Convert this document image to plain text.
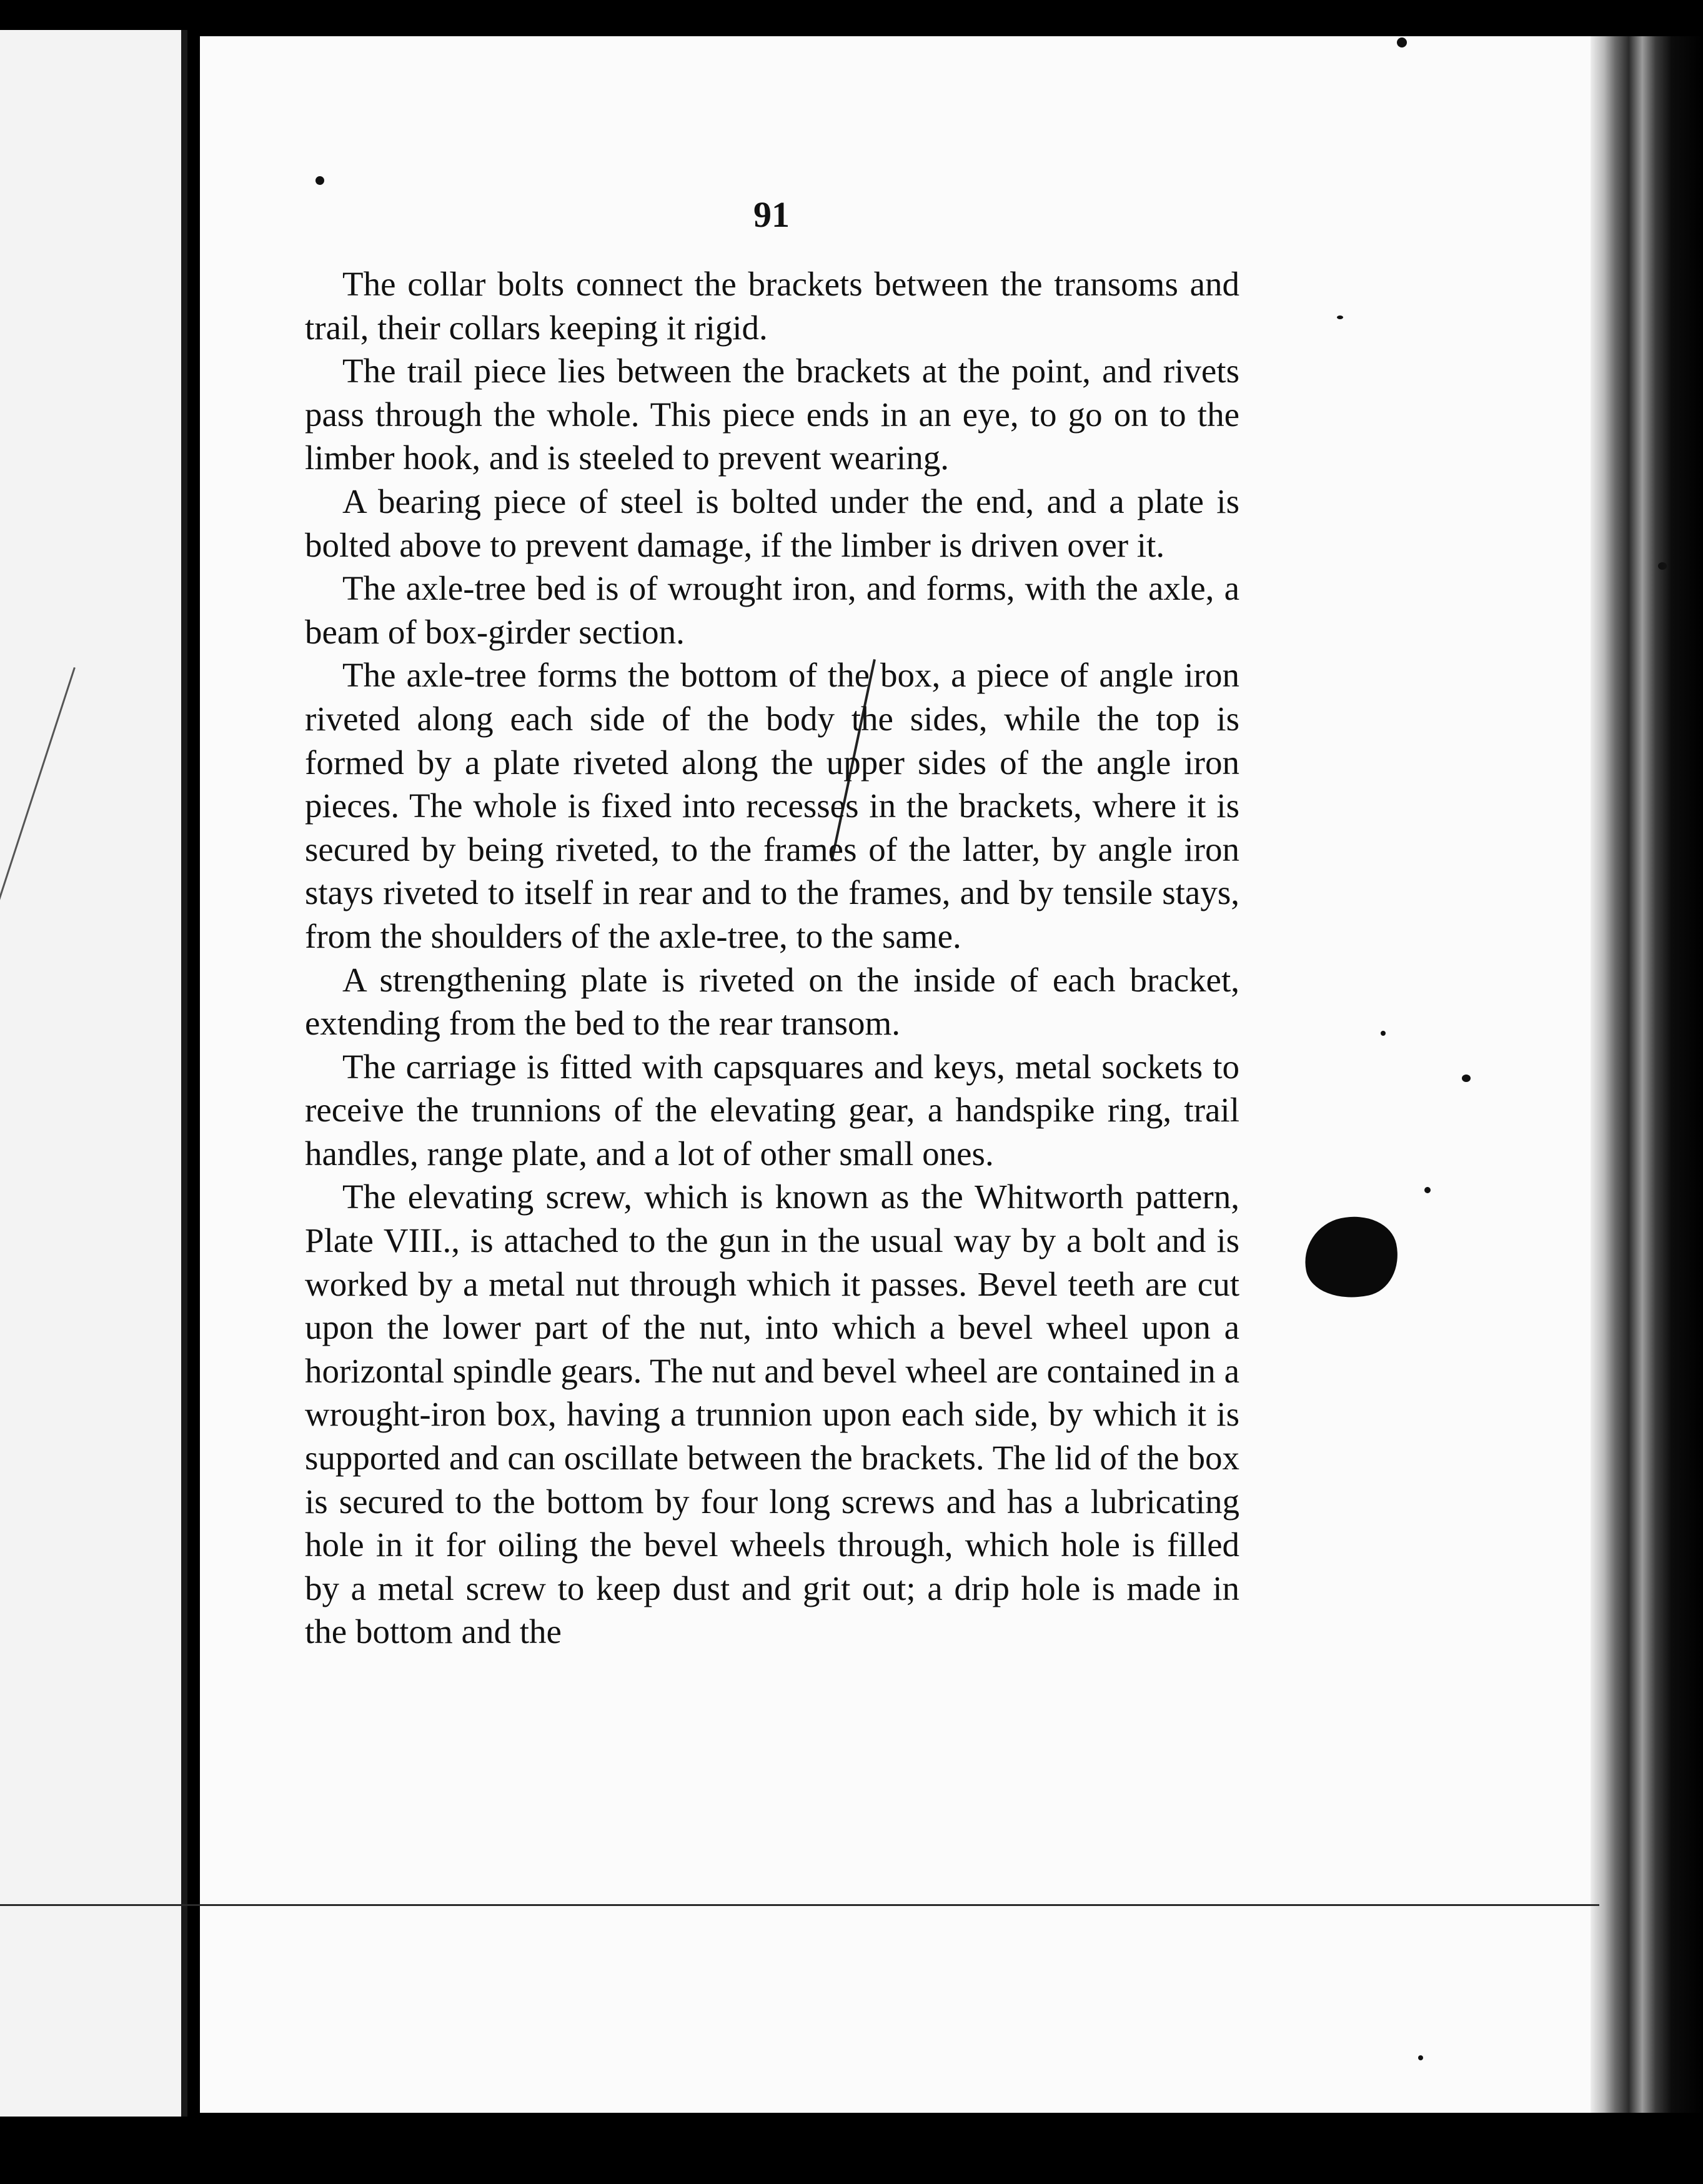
91

The collar bolts connect the brackets between the transoms and trail, their collars keeping it rigid.

The trail piece lies between the brackets at the point, and rivets pass through the whole. This piece ends in an eye, to go on to the limber hook, and is steeled to prevent wearing.

A bearing piece of steel is bolted under the end, and a plate is bolted above to prevent damage, if the limber is driven over it.

The axle-tree bed is of wrought iron, and forms, with the axle, a beam of box-girder section.

The axle-tree forms the bottom of the box, a piece of angle iron riveted along each side of the body the sides, while the top is formed by a plate riveted along the upper sides of the angle iron pieces. The whole is fixed into recesses in the brackets, where it is secured by being riveted, to the frames of the latter, by angle iron stays riveted to itself in rear and to the frames, and by tensile stays, from the shoulders of the axle-tree, to the same.

A strengthening plate is riveted on the inside of each bracket, extending from the bed to the rear transom.

The carriage is fitted with capsquares and keys, metal sockets to receive the trunnions of the elevating gear, a handspike ring, trail handles, range plate, and a lot of other small ones.

The elevating screw, which is known as the Whitworth pattern, Plate VIII., is attached to the gun in the usual way by a bolt and is worked by a metal nut through which it passes. Bevel teeth are cut upon the lower part of the nut, into which a bevel wheel upon a horizontal spindle gears. The nut and bevel wheel are contained in a wrought-iron box, having a trunnion upon each side, by which it is supported and can oscillate between the brackets. The lid of the box is secured to the bottom by four long screws and has a lubricating hole in it for oiling the bevel wheels through, which hole is filled by a metal screw to keep dust and grit out; a drip hole is made in the bottom and the
